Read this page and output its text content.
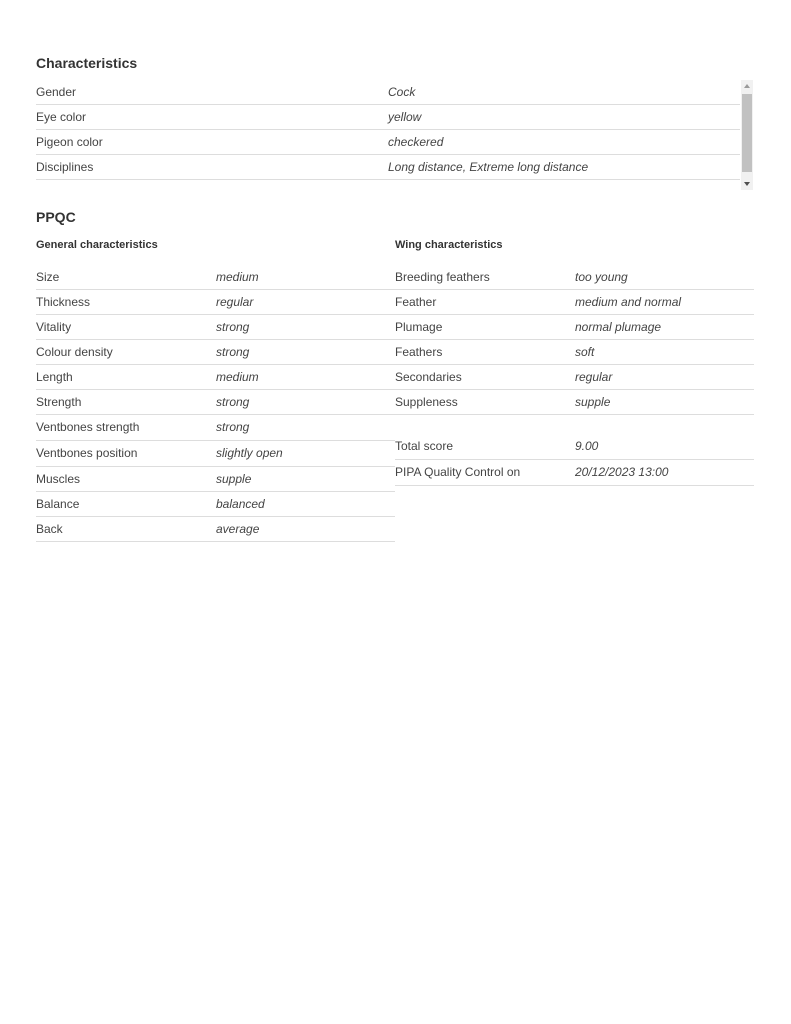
Characteristics
Gender	Cock
Eye color	yellow
Pigeon color	checkered
Disciplines	Long distance, Extreme long distance
PPQC
General characteristics	Wing characteristics
Size	medium
Thickness	regular
Vitality	strong
Colour density	strong
Length	medium
Strength	strong
Ventbones strength	strong
Ventbones position	slightly open
Muscles	supple
Balance	balanced
Back	average
Breeding feathers	too young
Feather	medium and normal
Plumage	normal plumage
Feathers	soft
Secondaries	regular
Suppleness	supple
Total score	9.00
PIPA Quality Control on	20/12/2023 13:00
